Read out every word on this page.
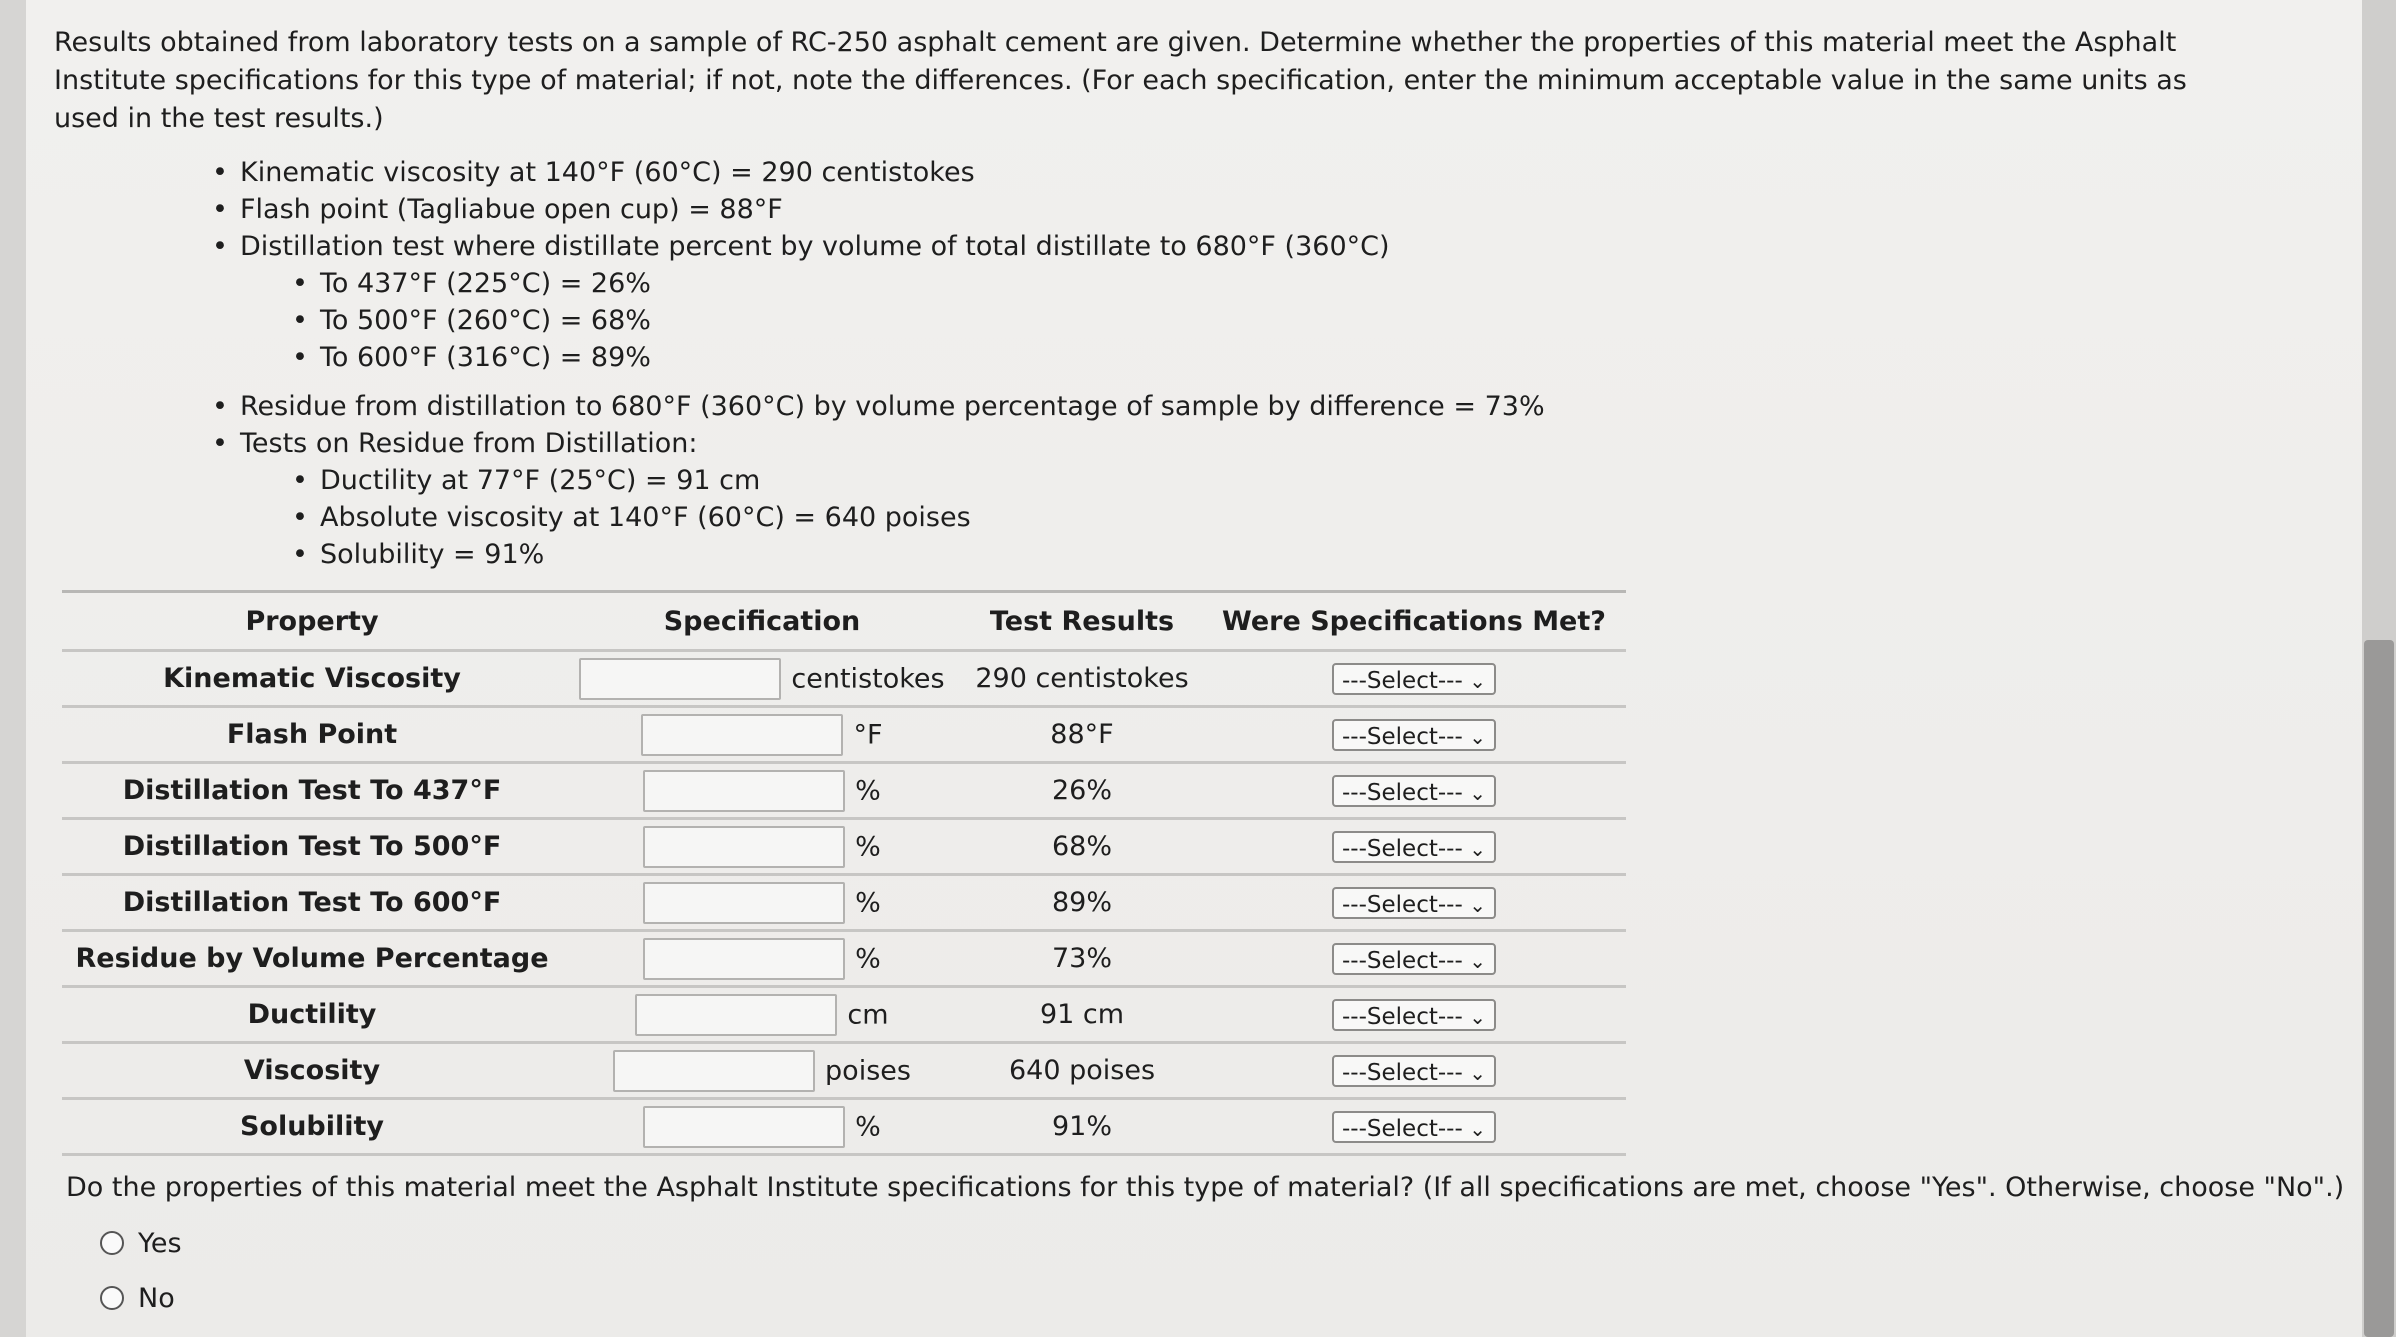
Results obtained from laboratory tests on a sample of RC-250 asphalt cement are given. Determine whether the properties of this material meet the Asphalt Institute specifications for this type of material; if not, note the differences. (For each specification, enter the minimum acceptable value in the same units as used in the test results.)
• Kinematic viscosity at 140°F (60°C) = 290 centistokes
• Flash point (Tagliabue open cup) = 88°F
• Distillation test where distillate percent by volume of total distillate to 680°F (360°C)
• To 437°F (225°C) = 26%
• To 500°F (260°C) = 68%
• To 600°F (316°C) = 89%
• Residue from distillation to 680°F (360°C) by volume percentage of sample by difference = 73%
• Tests on Residue from Distillation:
• Ductility at 77°F (25°C) = 91 cm
• Absolute viscosity at 140°F (60°C) = 640 poises
• Solubility = 91%
Property	Specification	Test Results	Were Specifications Met?
Kinematic Viscosity	centistokes	290 centistokes	---Select--- ⌄

Flash Point	°F	88°F	---Select--- ⌄

Distillation Test To 437°F	%	26%	---Select--- ⌄

Distillation Test To 500°F	%	68%	---Select--- ⌄

Distillation Test To 600°F	%	89%	---Select--- ⌄

Residue by Volume Percentage	%	73%	---Select--- ⌄

Ductility	cm	91 cm	---Select--- ⌄

Viscosity	poises	640 poises	---Select--- ⌄

Solubility	%	91%	---Select--- ⌄
Do the properties of this material meet the Asphalt Institute specifications for this type of material? (If all specifications are met, choose "Yes". Otherwise, choose "No".)
Yes
No
